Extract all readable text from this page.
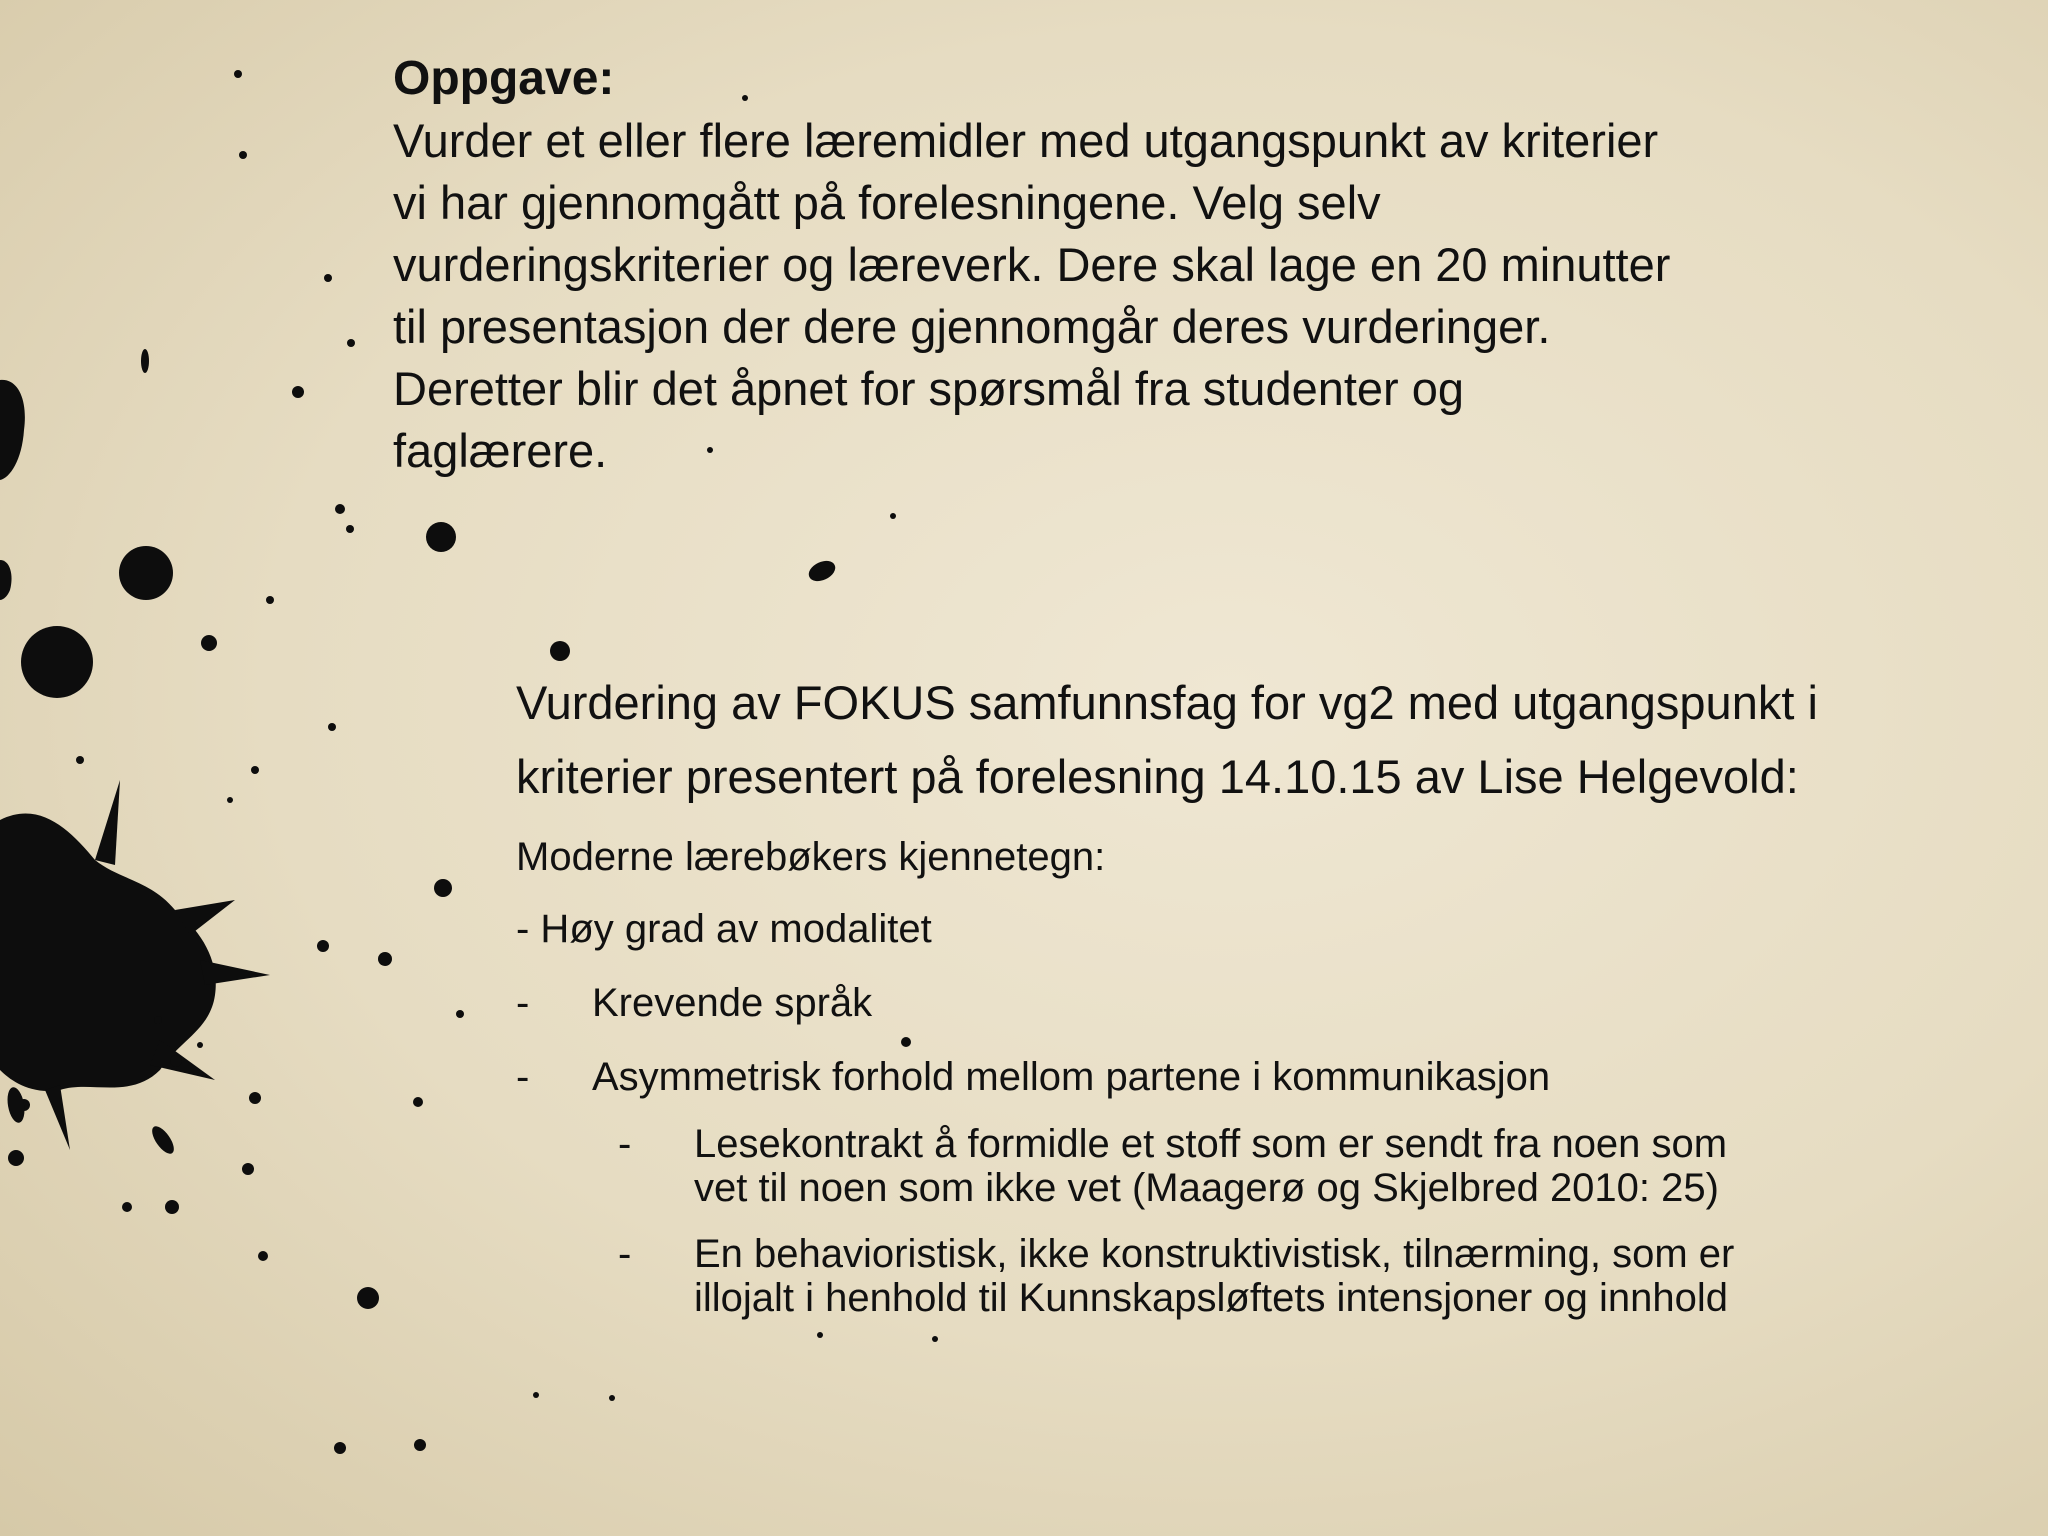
Oppgave:

Vurder et eller flere læremidler med utgangspunkt av kriterier
vi har gjennomgått på forelesningene. Velg selv
vurderingskriterier og læreverk. Dere skal lage en 20 minutter
til presentasjon der dere gjennomgår deres vurderinger.
Deretter blir det åpnet for spørsmål fra studenter og
faglærere.
Vurdering av FOKUS samfunnsfag for vg2 med utgangspunkt i
kriterier presentert på forelesning 14.10.15 av Lise Helgevold:

Moderne lærebøkers kjennetegn:

- Høy grad av modalitet
-	Krevende språk
-	Asymmetrisk forhold mellom partene i kommunikasjon
- Lesekontrakt å formidle et stoff som er sendt fra noen som
vet til noen som ikke vet (Maagerø og Skjelbred 2010: 25)
- En behavioristisk, ikke konstruktivistisk, tilnærming, som er
illojalt i henhold til Kunnskapsløftets intensjoner og innhold
